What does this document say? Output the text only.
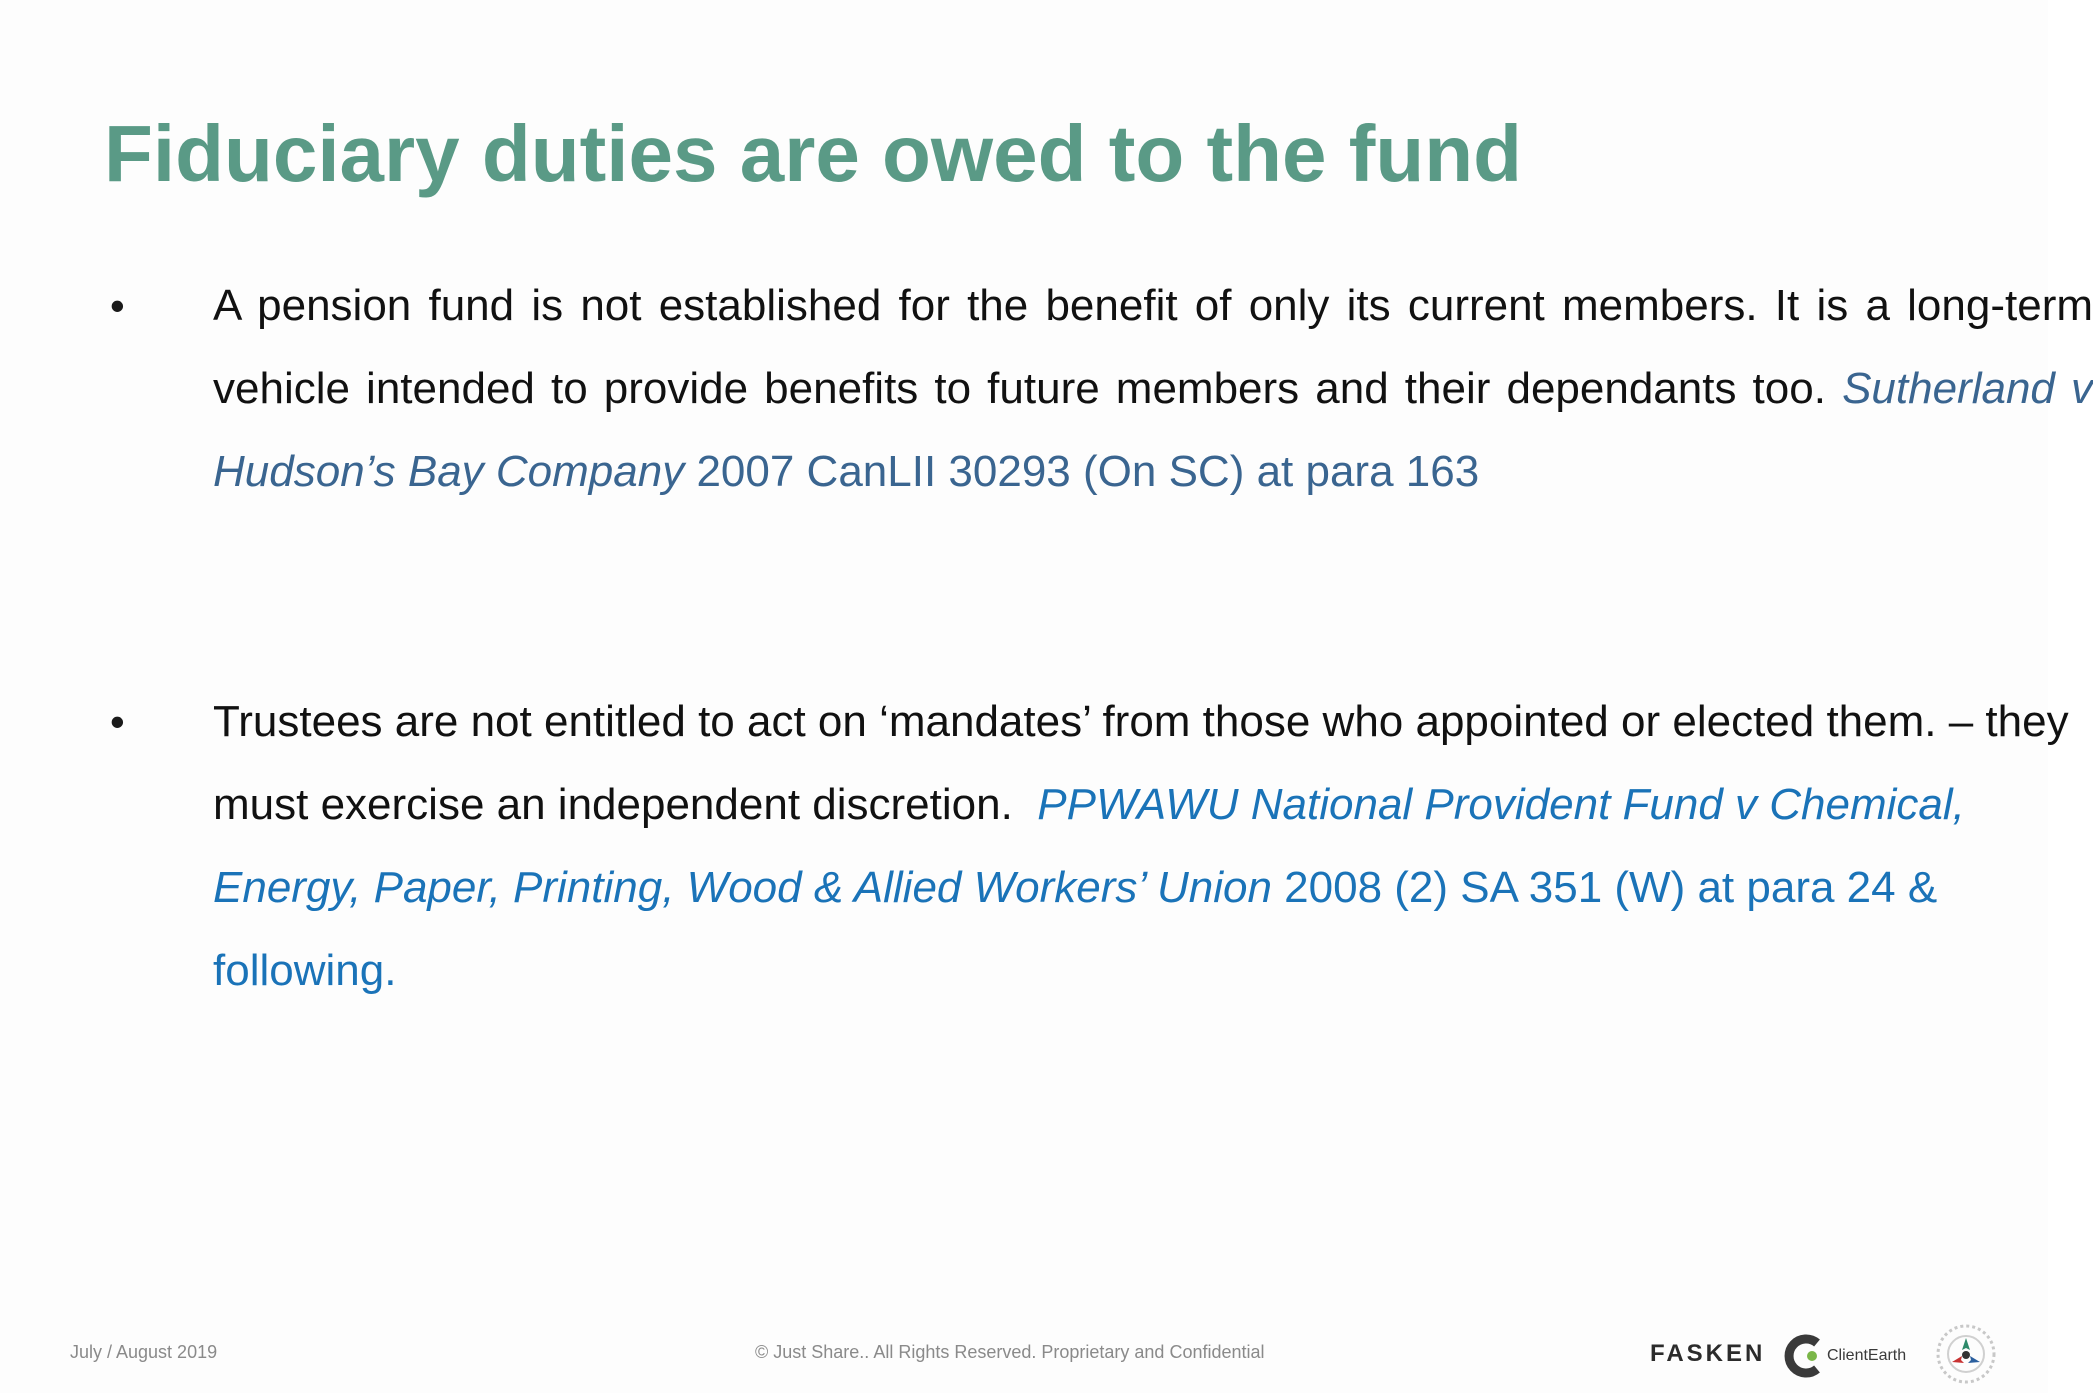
Fiduciary duties are owed to the fund
• A pension fund is not established for the benefit of only its current members. It is a long-term vehicle intended to provide benefits to future members and their dependants too. Sutherland v Hudson’s Bay Company 2007 CanLII 30293 (On SC) at para 163
• Trustees are not entitled to act on ‘mandates’ from those who appointed or elected them. – they must exercise an independent discretion. PPWAWU National Provident Fund v Chemical, Energy, Paper, Printing, Wood & Allied Workers’ Union 2008 (2) SA 351 (W) at para 24 & following.
July / August 2019	© Just Share.. All Rights Reserved. Proprietary and Confidential	FASKEN	ClientEarth
